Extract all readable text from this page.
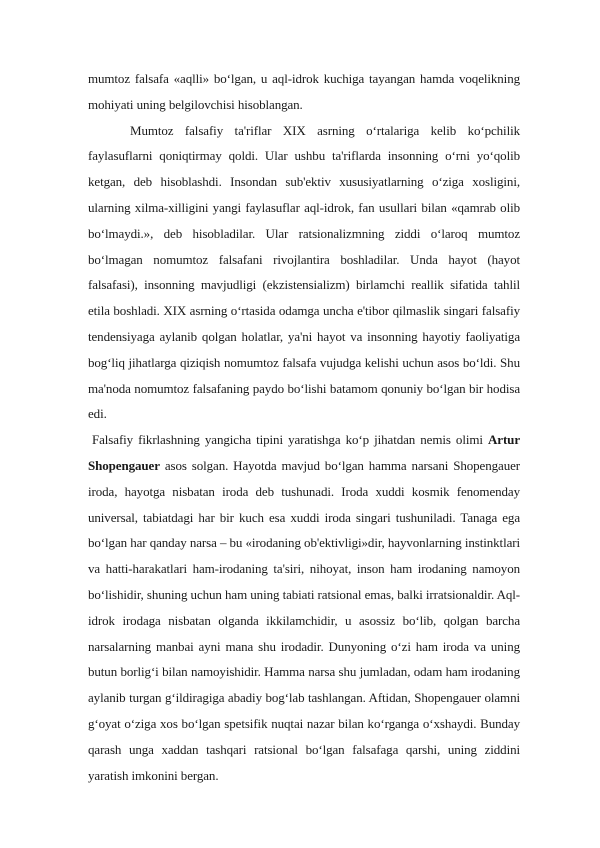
mumtoz falsafa «aqlli» bo‘lgan, u aql-idrok kuchiga tayangan hamda voqelikning mohiyati uning belgilovchisi hisoblangan.

Mumtoz falsafiy ta'riflar XIX asrning o‘rtalariga kelib ko‘pchilik faylasuflarni qoniqtirmay qoldi. Ular ushbu ta'riflarda insonning o‘rni yo‘qolib ketgan, deb hisoblashdi. Insondan sub'ektiv xususiyatlarning o‘ziga xosligini, ularning xilma-xilligini yangi faylasuflar aql-idrok, fan usullari bilan «qamrab olib bo‘lmaydi.», deb hisobladilar. Ular ratsionalizmning ziddi o‘laroq mumtoz bo‘lmagan nomumtoz falsafani rivojlantira boshladilar. Unda hayot (hayot falsafasi), insonning mavjudligi (ekzistensializm) birlamchi reallik sifatida tahlil etila boshladi. XIX asrning o‘rtasida odamga uncha e'tibor qilmaslik singari falsafiy tendensiyaga aylanib qolgan holatlar, ya'ni hayot va insonning hayotiy faoliyatiga bog‘liq jihatlarga qiziqish nomumtoz falsafa vujudga kelishi uchun asos bo‘ldi. Shu ma'noda nomumtoz falsafaning paydo bo‘lishi batamom qonuniy bo‘lgan bir hodisa edi.

Falsafiy fikrlashning yangicha tipini yaratishga ko‘p jihatdan nemis olimi Artur Shopengauer asos solgan. Hayotda mavjud bo‘lgan hamma narsani Shopengauer iroda, hayotga nisbatan iroda deb tushunadi. Iroda xuddi kosmik fenomenday universal, tabiatdagi har bir kuch esa xuddi iroda singari tushuniladi. Tanaga ega bo‘lgan har qanday narsa – bu «irodaning ob'ektivligi»dir, hayvonlarning instinktlari va hatti-harakatlari ham-irodaning ta'siri, nihoyat, inson ham irodaning namoyon bo‘lishidir, shuning uchun ham uning tabiati ratsional emas, balki irratsionaldir. Aql-idrok irodaga nisbatan olganda ikkilamchidir, u asossiz bo‘lib, qolgan barcha narsalarning manbai ayni mana shu irodadir. Dunyoning o‘zi ham iroda va uning butun borlig‘i bilan namoyishidir. Hamma narsa shu jumladan, odam ham irodaning aylanib turgan g‘ildiragiga abadiy bog‘lab tashlangan. Aftidan, Shopengauer olamni g‘oyat o‘ziga xos bo‘lgan spetsifik nuqtai nazar bilan ko‘rganga o‘xshaydi. Bunday qarash unga xaddan tashqari ratsional bo‘lgan falsafaga qarshi, uning ziddini yaratish imkonini bergan.
